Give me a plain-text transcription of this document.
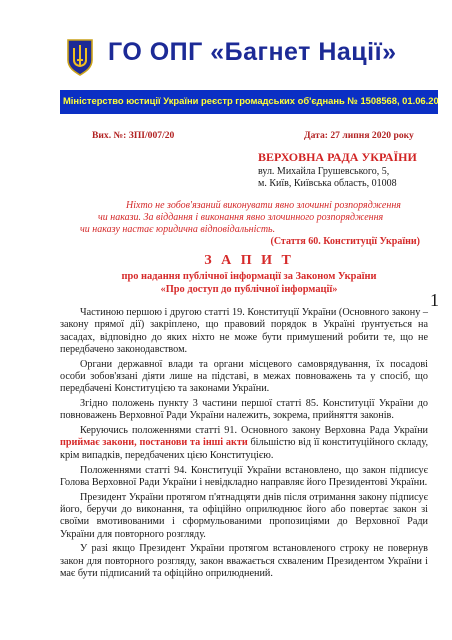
ГО ОПГ «Багнет Нації»
Міністерство юстиції України реєстр громадських об'єднань № 1508568, 01.06.20
Вих. №: ЗПІ/007/20	Дата: 27 липня 2020 року
ВЕРХОВНА РАДА УКРАЇНИ
вул. Михайла Грушевського, 5,
м. Київ, Київська область, 01008
Ніхто не зобов'язаний виконувати явно злочинні розпорядження
чи накази. За віддання і виконання явно злочинного розпорядження
чи наказу настає юридична відповідальність.
(Стаття 60. Конституції України)
З А П И Т
про надання публічної інформації за Законом України
«Про доступ до публічної інформації»
1

Частиною першою і другою статті 19. Конституції України (Основного закону – закону прямої дії) закріплено, що правовий порядок в Україні ґрунтується на засадах, відповідно до яких ніхто не може бути примушений робити те, що не передбачено законодавством.

Органи державної влади та органи місцевого самоврядування, їх посадові особи зобов'язані діяти лише на підставі, в межах повноважень та у спосіб, що передбачені Конституцією та законами України.

Згідно положень пункту 3 частини першої статті 85. Конституції України до повноважень Верховної Ради України належить, зокрема, прийняття законів.

Керуючись положеннями статті 91. Основного закону Верховна Рада України приймає закони, постанови та інші акти більшістю від її конституційного складу, крім випадків, передбачених цією Конституцією.

Положеннями статті 94. Конституції України встановлено, що закон підписує Голова Верховної Ради України і невідкладно направляє його Президентові України.

Президент України протягом п'ятнадцяти днів після отримання закону підписує його, беручи до виконання, та офіційно оприлюднює його або повертає закон зі своїми вмотивованими і сформульованими пропозиціями до Верховної Ради України для повторного розгляду.

У разі якщо Президент України протягом встановленого строку не повернув закон для повторного розгляду, закон вважається схваленим Президентом України і має бути підписаний та офіційно оприлюднений.
